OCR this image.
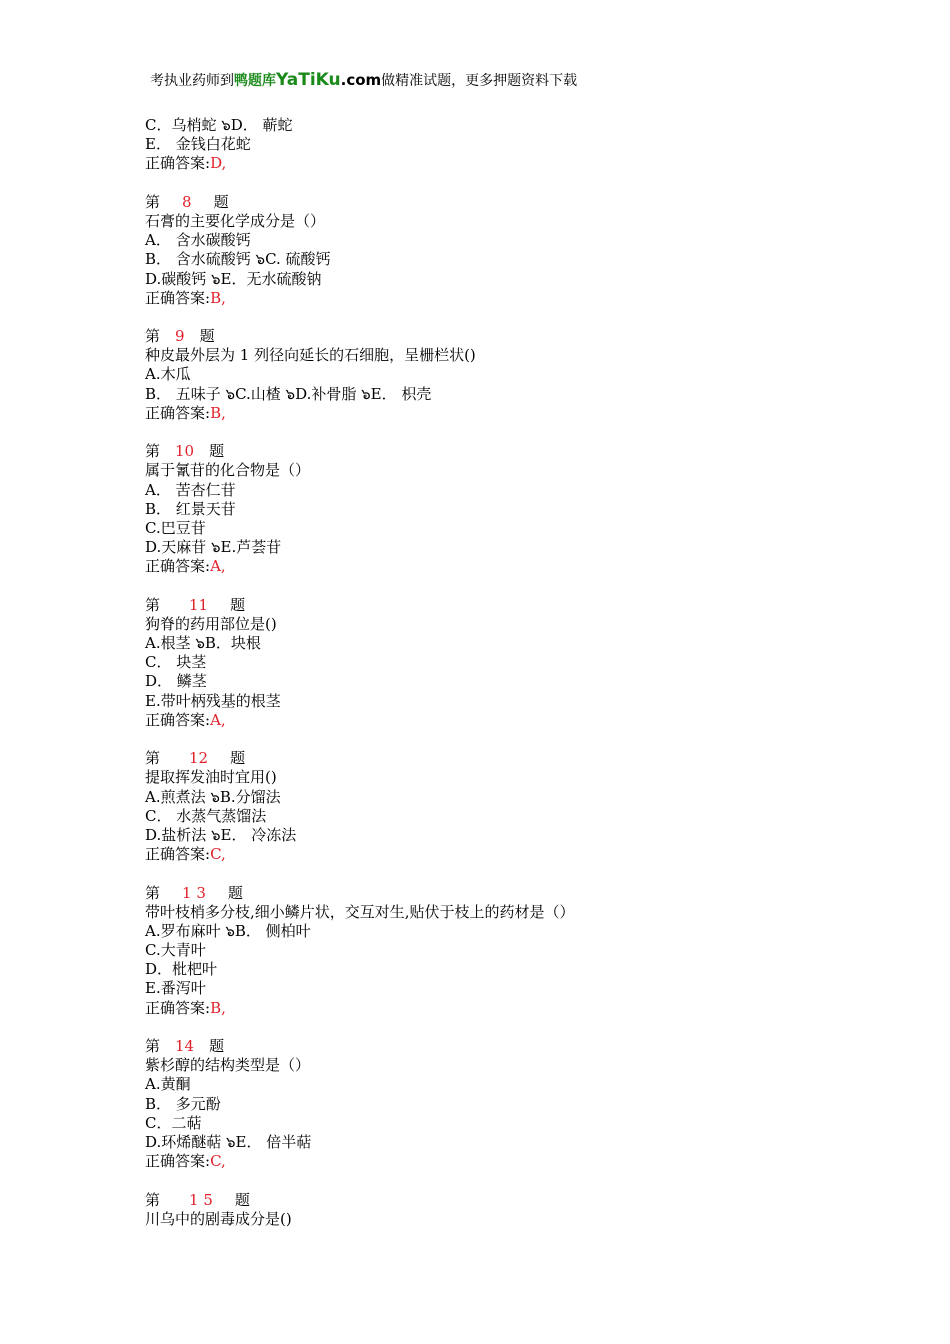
考执业药师到鸭题库YaTiKu.com做精准试题，更多押题资料下载
C．乌梢蛇 ๖D． 蕲蛇
E． 金钱白花蛇
正确答案:D,
第 8 题
石膏的主要化学成分是（）
A． 含水碳酸钙
B． 含水硫酸钙 ๖C. 硫酸钙
D.碳酸钙 ๖E．无水硫酸钠
正确答案:B,
第 9 题
种皮最外层为 1 列径向延长的石细胞，呈栅栏状()
A.木瓜
B． 五味子 ๖C.山楂 ๖D.补骨脂 ๖E． 枳壳
正确答案:B,
第 10 题
属于氰苷的化合物是（）
A． 苦杏仁苷
B． 红景天苷
C.巴豆苷
D.天麻苷 ๖E.芦荟苷
正确答案:A,
第 11 题
狗脊的药用部位是()
A.根茎 ๖B．块根
C． 块茎
D． 鳞茎
E.带叶柄残基的根茎
正确答案:A,
第 12 题
提取挥发油时宜用()
A.煎煮法 ๖B.分馏法
C． 水蒸气蒸馏法
D.盐析法 ๖E． 冷冻法
正确答案:C,
第 1 3 题
带叶枝梢多分枝,细小鳞片状，交互对生,贴伏于枝上的药材是（）
A.罗布麻叶 ๖B． 侧柏叶
C.大青叶
D．枇杷叶
E.番泻叶
正确答案:B,
第 14 题
紫杉醇的结构类型是（）
A.黄酮
B． 多元酚
C．二萜
D.环烯醚萜 ๖E． 倍半萜
正确答案:C,
第 1 5 题
川乌中的剧毒成分是()
